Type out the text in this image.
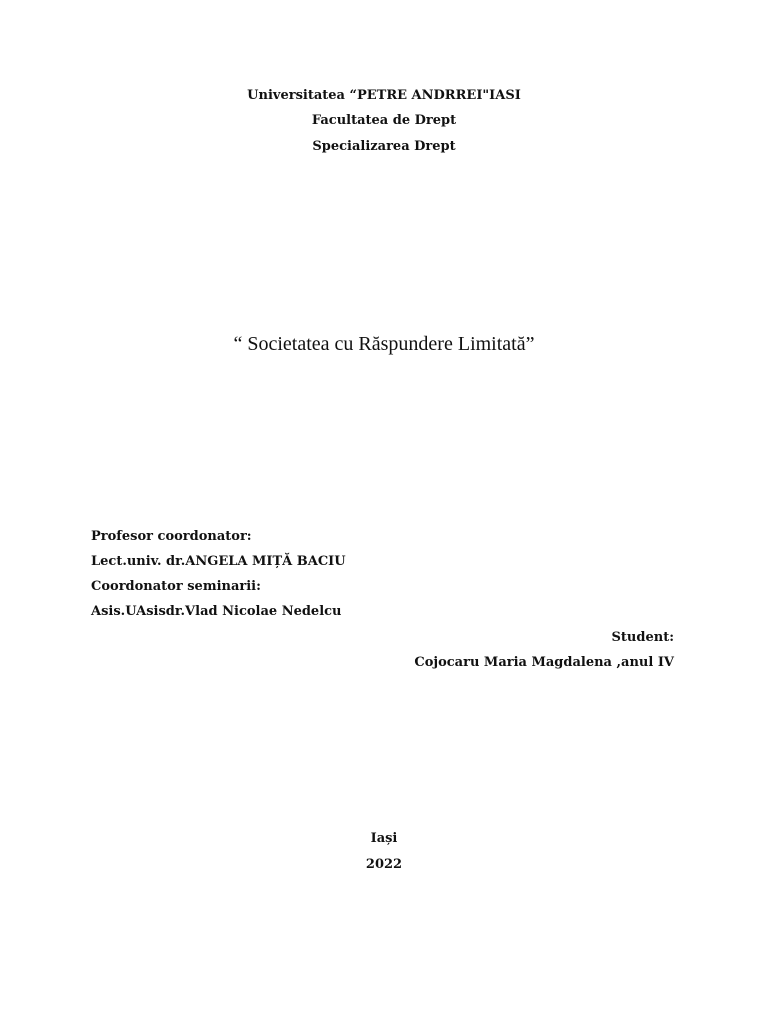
Universitatea “PETRE ANDRREI"IASI
Facultatea de Drept
Specializarea Drept
“ Societatea cu Răspundere Limitată”
Profesor coordonator:
Lect.univ. dr.ANGELA MIȚĂ BACIU
Coordonator seminarii:
Asis.UAsisdr.Vlad Nicolae Nedelcu
Student:
Cojocaru Maria Magdalena ,anul IV
Iași
2022
